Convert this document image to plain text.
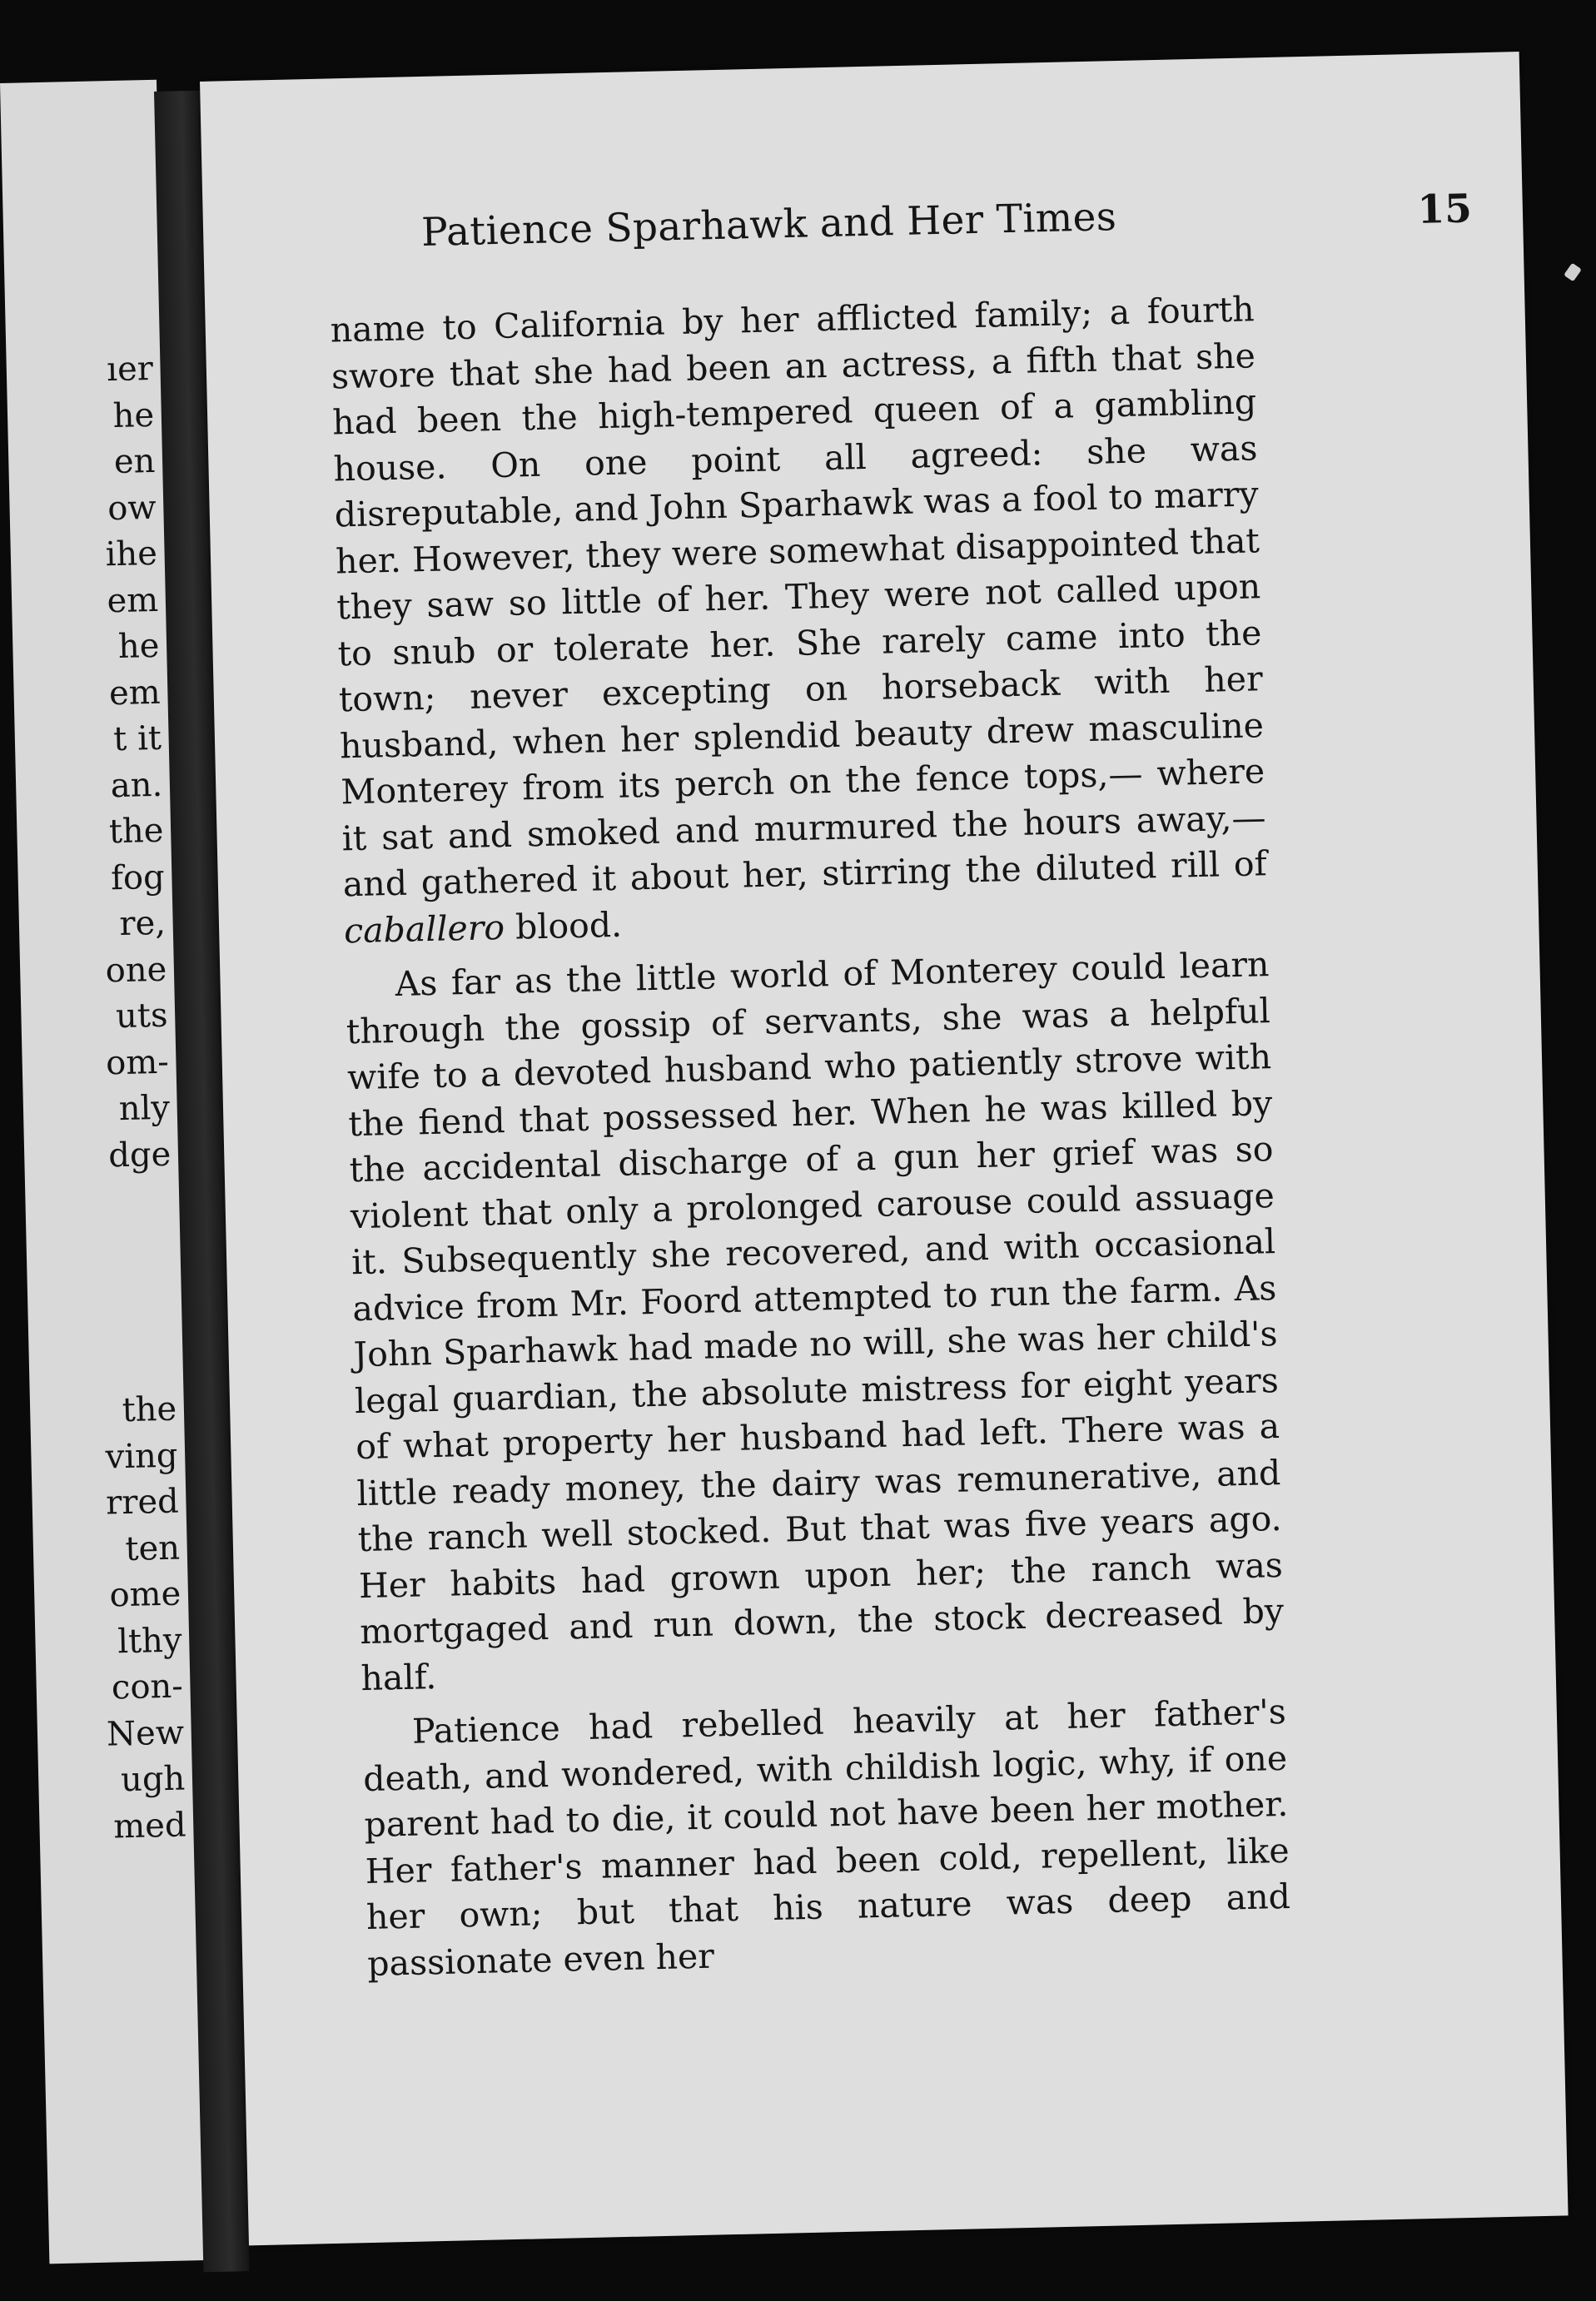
ıer
he
en
ow
ihe
em
he
em
t it
an.
the
fog
re,
one
uts
om-
nly
dge
the
ving
rred
ten
ome
lthy
con-
New
ugh
med
Patience Sparhawk and Her Times	15

name to California by her afflicted family; a fourth swore that she had been an actress, a fifth that she had been the high-tempered queen of a gambling house. On one point all agreed: she was disreputable, and John Sparhawk was a fool to marry her. However, they were somewhat disappointed that they saw so little of her. They were not called upon to snub or tolerate her. She rarely came into the town; never excepting on horseback with her husband, when her splendid beauty drew masculine Monterey from its perch on the fence tops,— where it sat and smoked and murmured the hours away,— and gathered it about her, stirring the diluted rill of caballero blood.

As far as the little world of Monterey could learn through the gossip of servants, she was a helpful wife to a devoted husband who patiently strove with the fiend that possessed her. When he was killed by the accidental discharge of a gun her grief was so violent that only a prolonged carouse could assuage it. Subsequently she recovered, and with occasional advice from Mr. Foord attempted to run the farm. As John Sparhawk had made no will, she was her child's legal guardian, the absolute mistress for eight years of what property her husband had left. There was a little ready money, the dairy was remunerative, and the ranch well stocked. But that was five years ago. Her habits had grown upon her; the ranch was mortgaged and run down, the stock decreased by half.

Patience had rebelled heavily at her father's death, and wondered, with childish logic, why, if one parent had to die, it could not have been her mother. Her father's manner had been cold, repellent, like her own; but that his nature was deep and passionate even her
